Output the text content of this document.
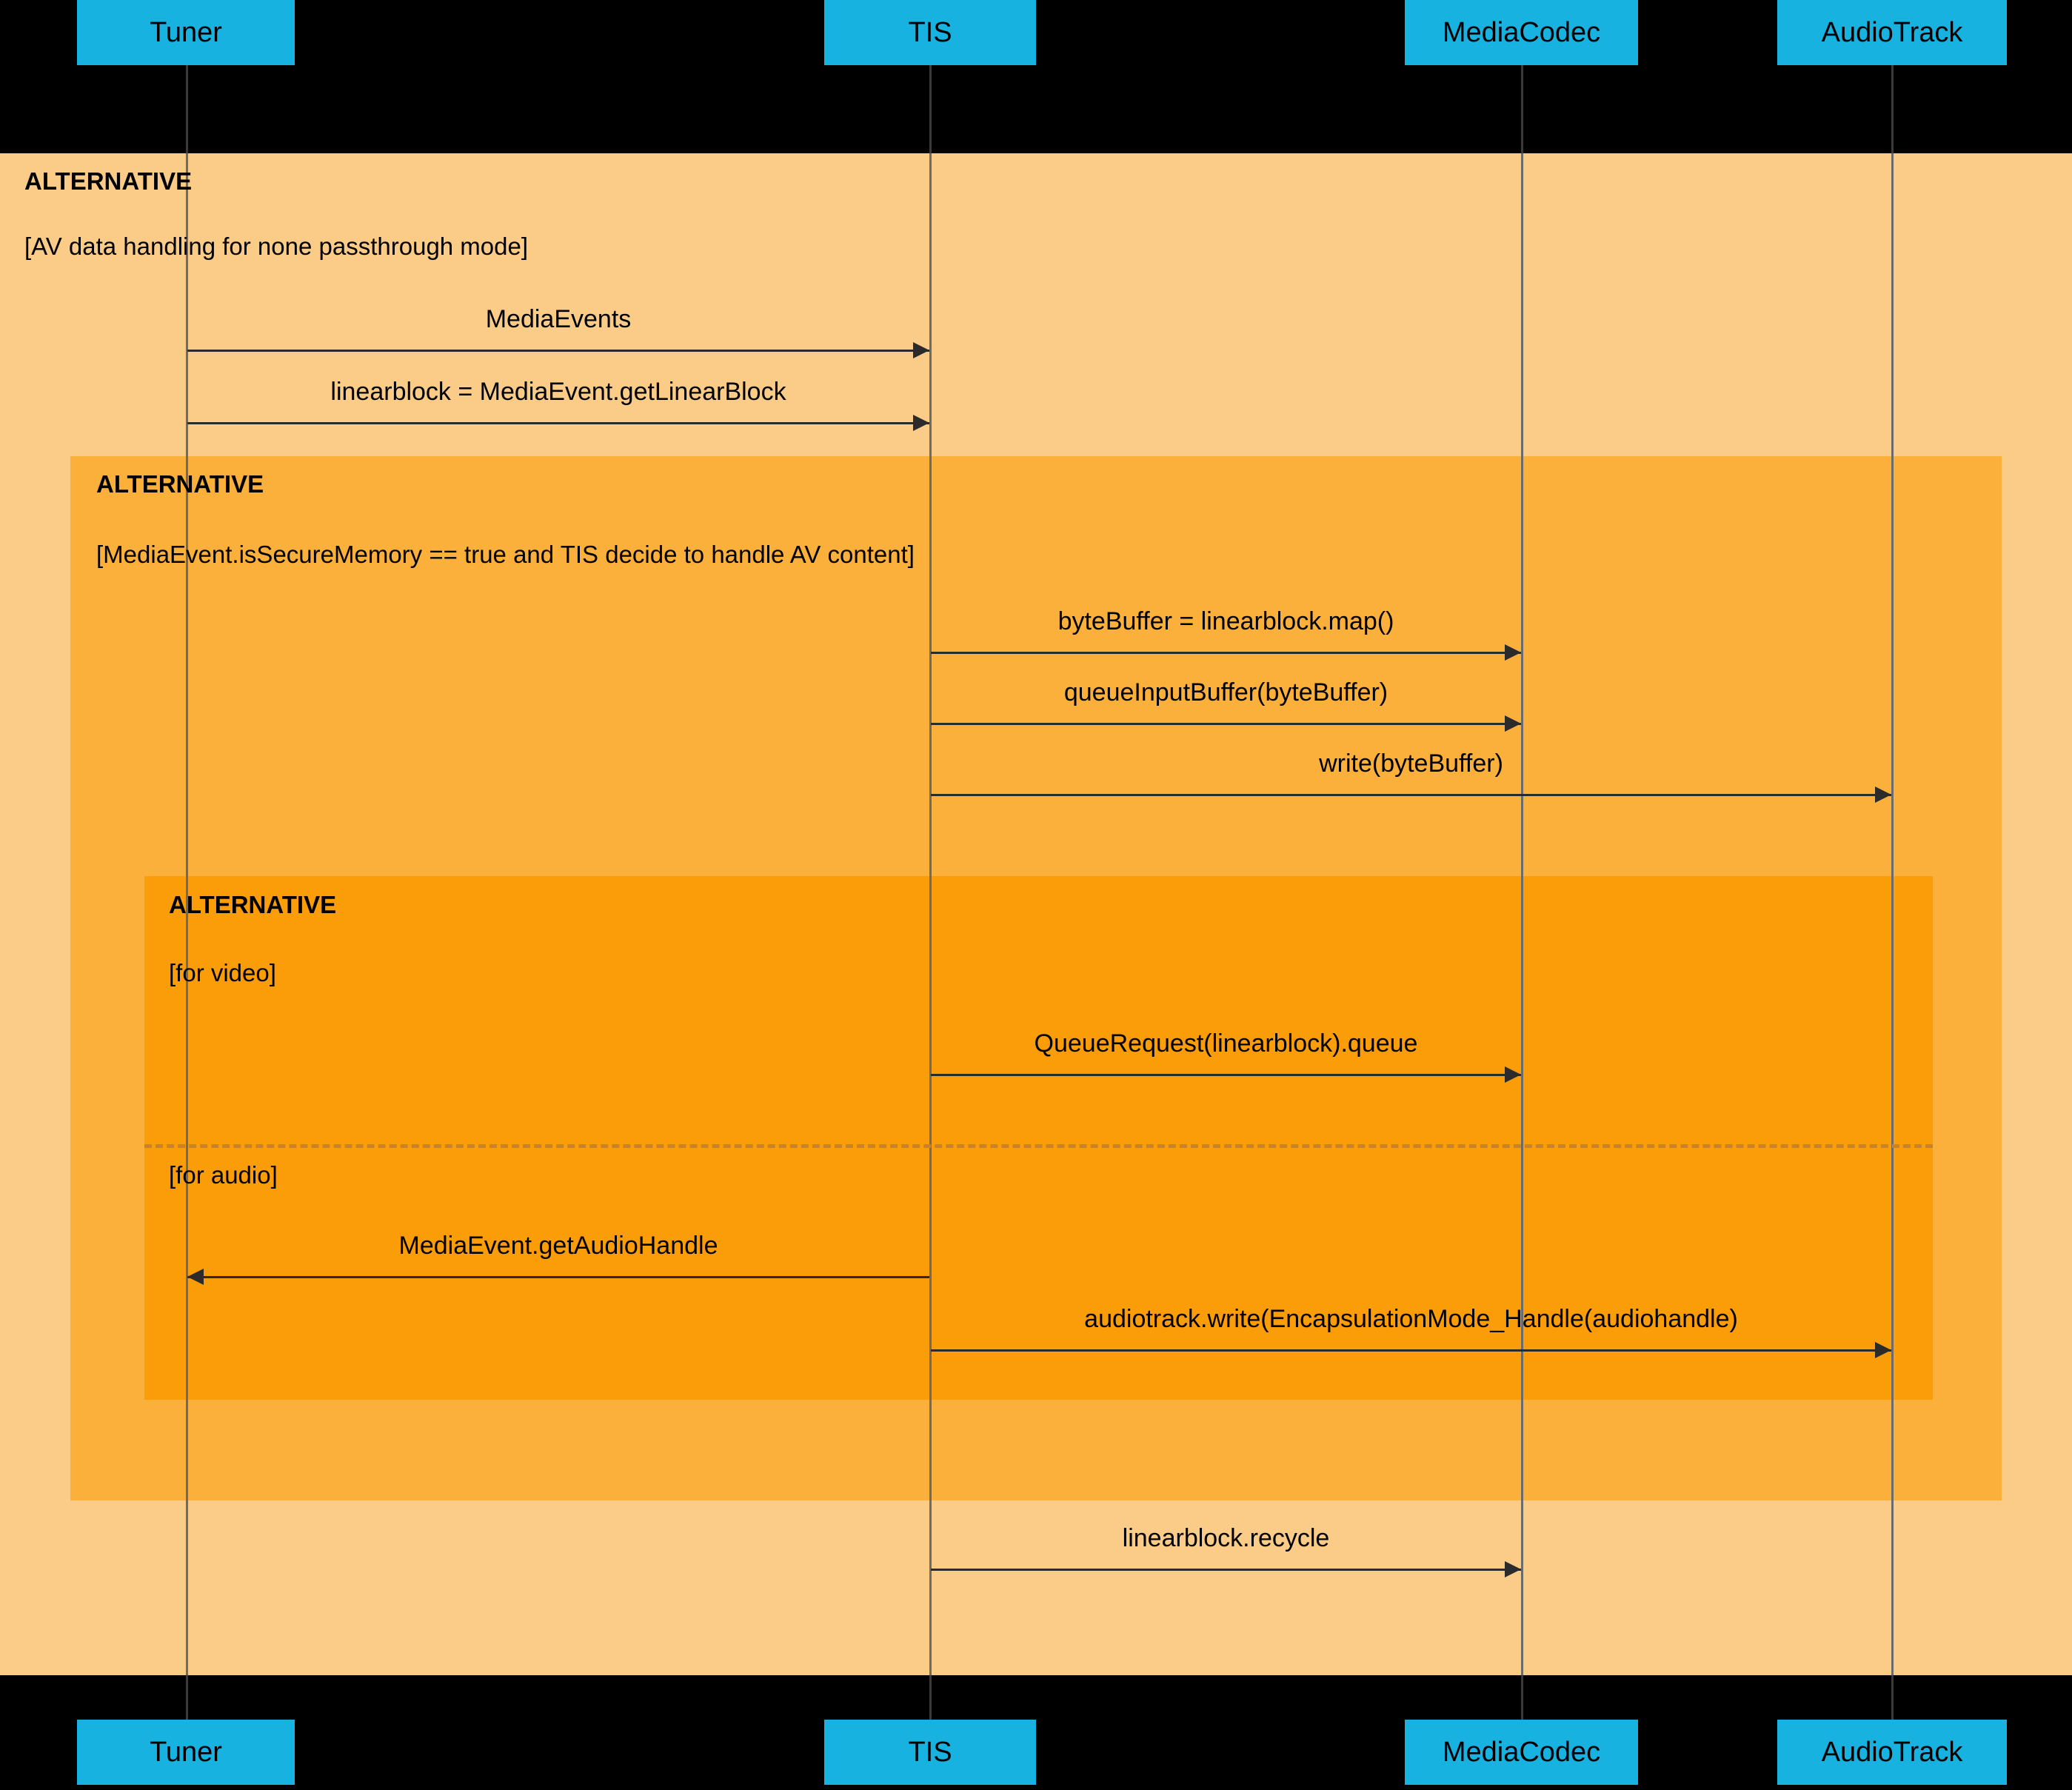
Tuner	TIS	MediaCodec	AudioTrack
Tuner	TIS	MediaCodec	AudioTrack
ALTERNATIVE
[AV data handling for none passthrough mode]
ALTERNATIVE
[MediaEvent.isSecureMemory == true and TIS decide to handle AV content]
ALTERNATIVE
[for video]
[for audio]
MediaEvents
linearblock = MediaEvent.getLinearBlock
byteBuffer = linearblock.map()
queueInputBuffer(byteBuffer)
write(byteBuffer)
QueueRequest(linearblock).queue
MediaEvent.getAudioHandle
audiotrack.write(EncapsulationMode_Handle(audiohandle)
linearblock.recycle
